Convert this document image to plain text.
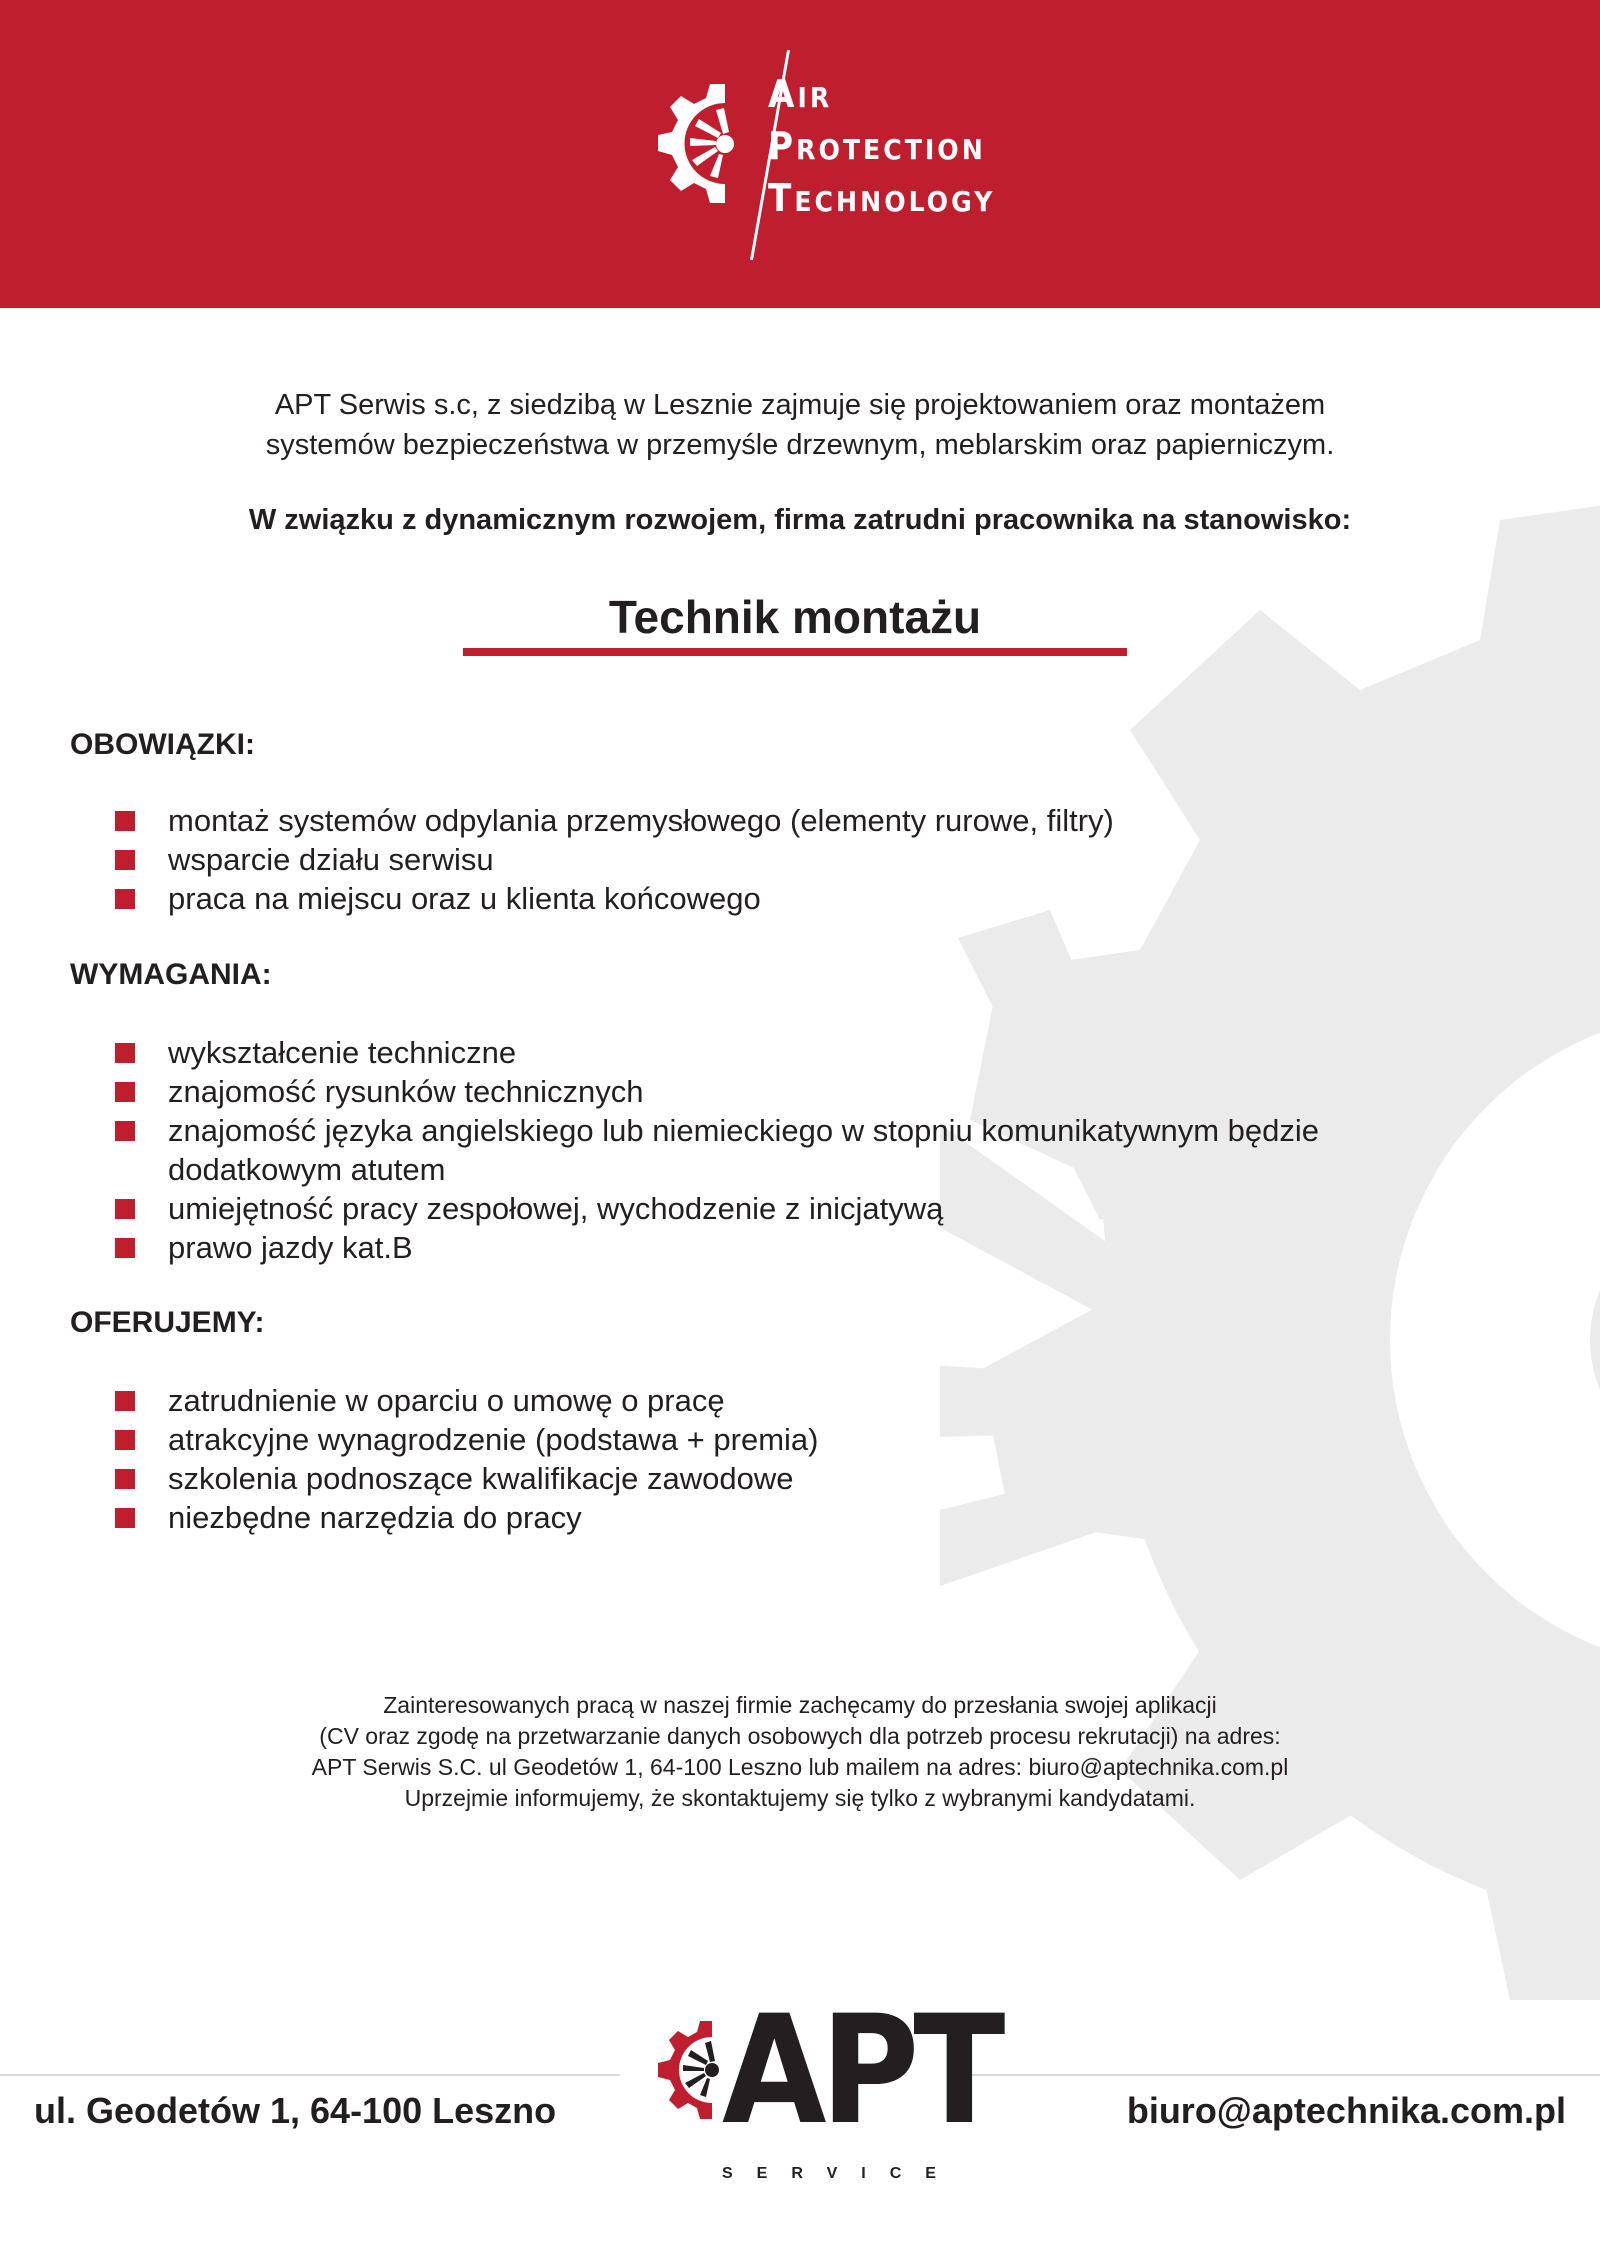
AIR
PROTECTION
TECHNOLOGY
APT Serwis s.c, z siedzibą w Lesznie zajmuje się projektowaniem oraz montażem
systemów bezpieczeństwa w przemyśle drzewnym, meblarskim oraz papierniczym.
W związku z dynamicznym rozwojem, firma zatrudni pracownika na stanowisko:
Technik montażu
OBOWIĄZKI:
montaż systemów odpylania przemysłowego (elementy rurowe, filtry)
wsparcie działu serwisu
praca na miejscu oraz u klienta końcowego
WYMAGANIA:
wykształcenie techniczne
znajomość rysunków technicznych
znajomość języka angielskiego lub niemieckiego w stopniu komunikatywnym będzie dodatkowym atutem
umiejętność pracy zespołowej, wychodzenie z inicjatywą
prawo jazdy kat.B
OFERUJEMY:
zatrudnienie w oparciu o umowę o pracę
atrakcyjne wynagrodzenie (podstawa + premia)
szkolenia podnoszące kwalifikacje zawodowe
niezbędne narzędzia do pracy
Zainteresowanych pracą w naszej firmie zachęcamy do przesłania swojej aplikacji
(CV oraz zgodę na przetwarzanie danych osobowych dla potrzeb procesu rekrutacji) na adres:
APT Serwis S.C. ul Geodetów 1, 64-100 Leszno lub mailem na adres: biuro@aptechnika.com.pl
Uprzejmie informujemy, że skontaktujemy się tylko z wybranymi kandydatami.
ul. Geodetów 1, 64-100 Leszno	biuro@aptechnika.com.pl
APT
SERVICE
